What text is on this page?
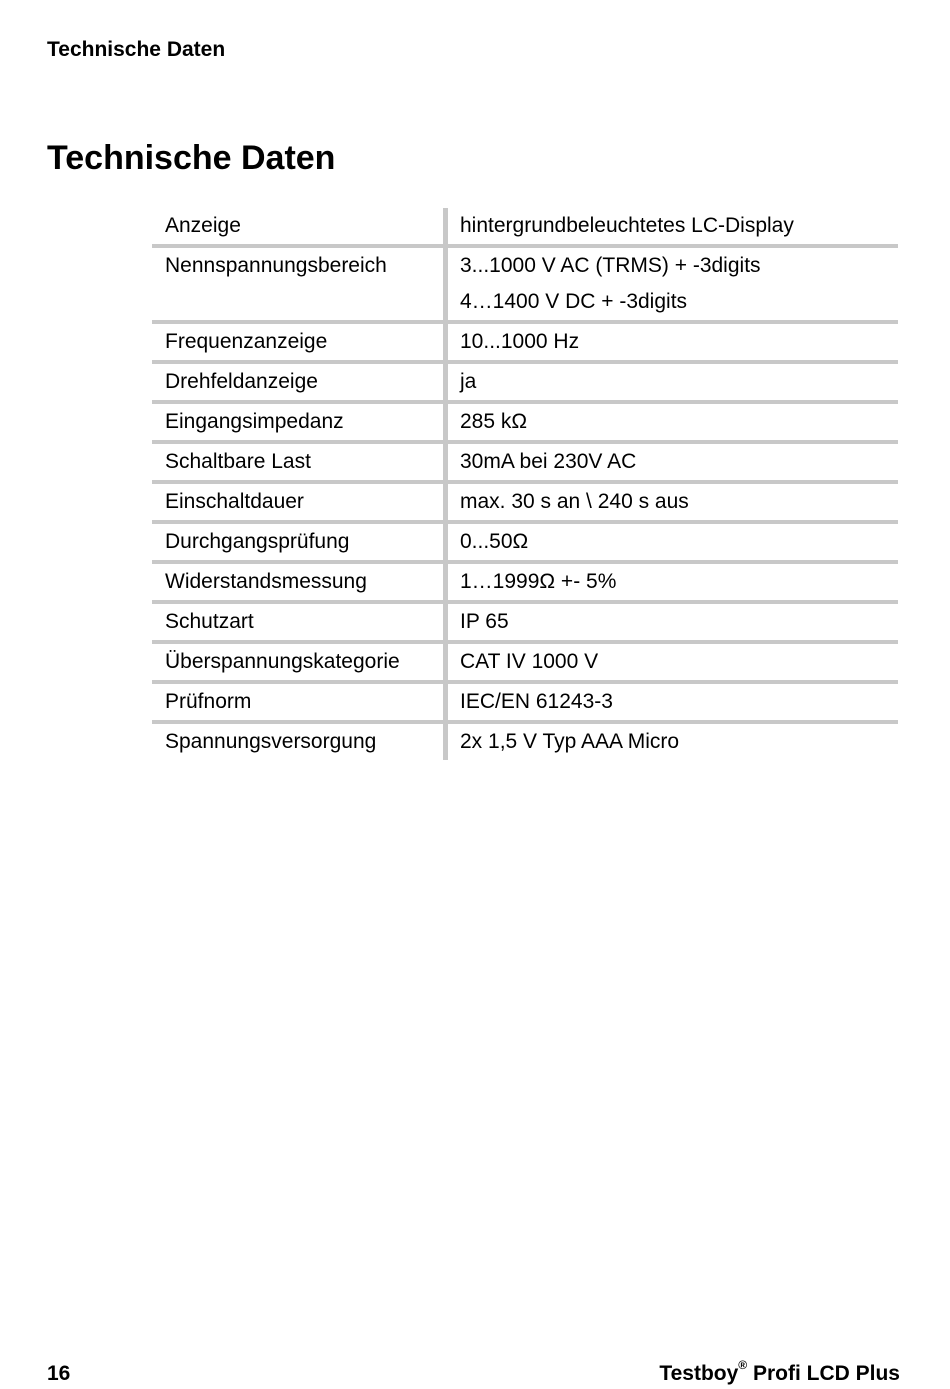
Technische Daten
Technische Daten
Anzeige	hintergrundbeleuchtetes LC-Display

Nennspannungsbereich	3...1000 V AC (TRMS) + -3digits
4…1400 V DC + -3digits

Frequenzanzeige	10...1000 Hz

Drehfeldanzeige	ja

Eingangsimpedanz	285 kΩ

Schaltbare Last	30mA bei 230V AC

Einschaltdauer	max. 30 s an \ 240 s aus

Durchgangsprüfung	0...50Ω

Widerstandsmessung	1…1999Ω +- 5%

Schutzart	IP 65

Überspannungskategorie	CAT IV 1000 V

Prüfnorm	IEC/EN 61243-3

Spannungsversorgung	2x 1,5 V Typ AAA Micro
16	Testboy® Profi LCD Plus
